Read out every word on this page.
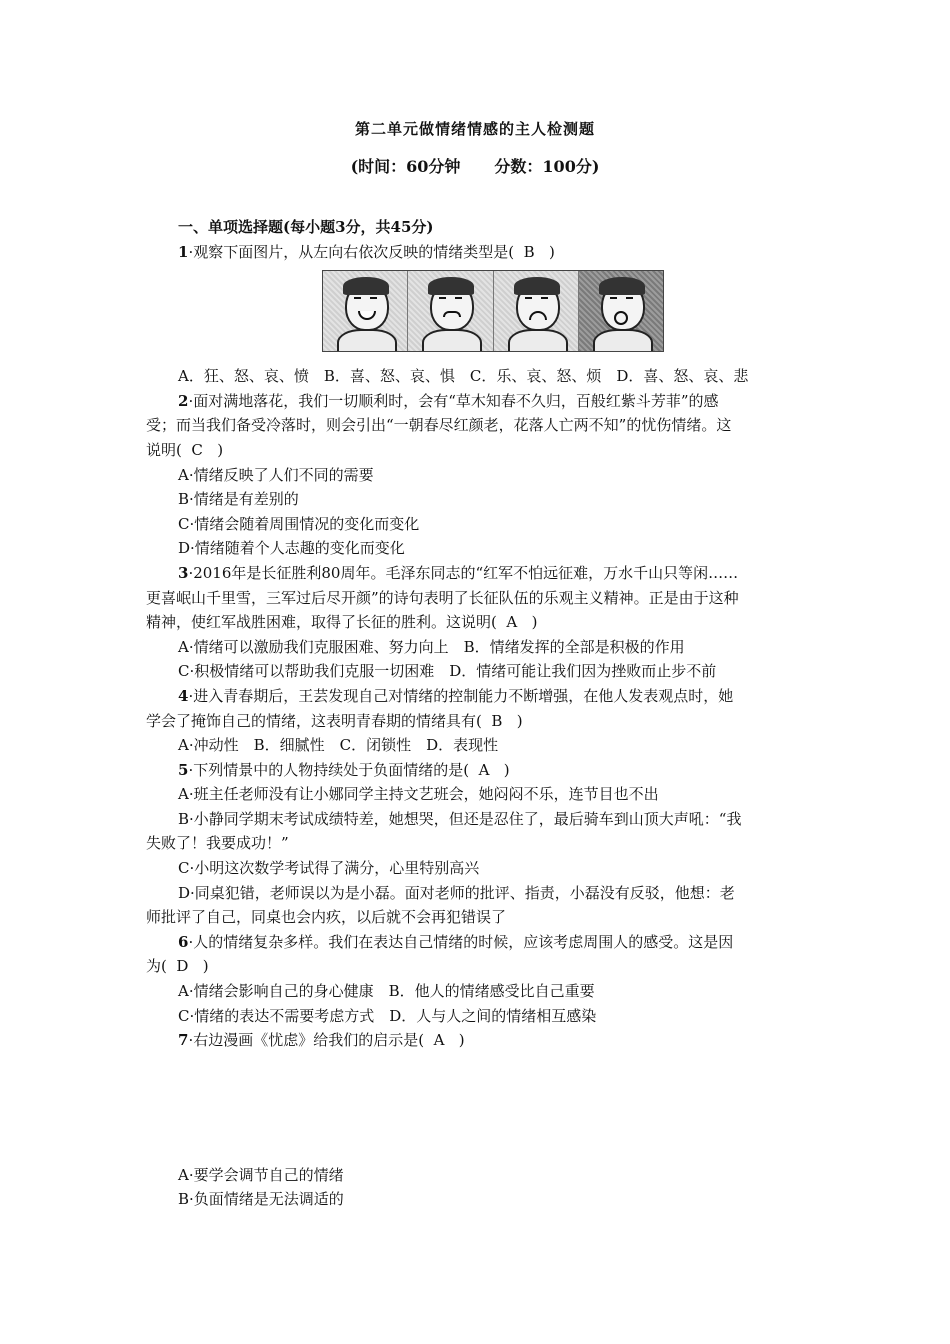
第二单元做情绪情感的主人检测题
(时间：60分钟 分数：100分)
一、单项选择题(每小题3分，共45分)
1·观察下面图片，从左向右依次反映的情绪类型是( B )
A．狂、怒、哀、愤　B．喜、怒、哀、惧　C．乐、哀、怒、烦　D．喜、怒、哀、悲
2·面对满地落花，我们一切顺利时，会有“草木知春不久归，百般红紫斗芳菲”的感
受；而当我们备受冷落时，则会引出“一朝春尽红颜老，花落人亡两不知”的忧伤情绪。这
说明( C )
A·情绪反映了人们不同的需要
B·情绪是有差别的
C·情绪会随着周围情况的变化而变化
D·情绪随着个人志趣的变化而变化
3·2016年是长征胜利80周年。毛泽东同志的“红军不怕远征难，万水千山只等闲……
更喜岷山千里雪，三军过后尽开颜”的诗句表明了长征队伍的乐观主义精神。正是由于这种
精神，使红军战胜困难，取得了长征的胜利。这说明( A )
A·情绪可以激励我们克服困难、努力向上　B．情绪发挥的全部是积极的作用
C·积极情绪可以帮助我们克服一切困难　D．情绪可能让我们因为挫败而止步不前
4·进入青春期后，王芸发现自己对情绪的控制能力不断增强，在他人发表观点时，她
学会了掩饰自己的情绪，这表明青春期的情绪具有( B )
A·冲动性　B．细腻性　C．闭锁性　D．表现性
5·下列情景中的人物持续处于负面情绪的是( A )
A·班主任老师没有让小娜同学主持文艺班会，她闷闷不乐，连节目也不出
B·小静同学期末考试成绩特差，她想哭，但还是忍住了，最后骑车到山顶大声吼：“我
失败了！我要成功！”
C·小明这次数学考试得了满分，心里特别高兴
D·同桌犯错，老师误以为是小磊。面对老师的批评、指责，小磊没有反驳，他想：老
师批评了自己，同桌也会内疚，以后就不会再犯错误了
6·人的情绪复杂多样。我们在表达自己情绪的时候，应该考虑周围人的感受。这是因
为( D )
A·情绪会影响自己的身心健康　B．他人的情绪感受比自己重要
C·情绪的表达不需要考虑方式　D．人与人之间的情绪相互感染
7·右边漫画《忧虑》给我们的启示是( A )
A·要学会调节自己的情绪
B·负面情绪是无法调适的
